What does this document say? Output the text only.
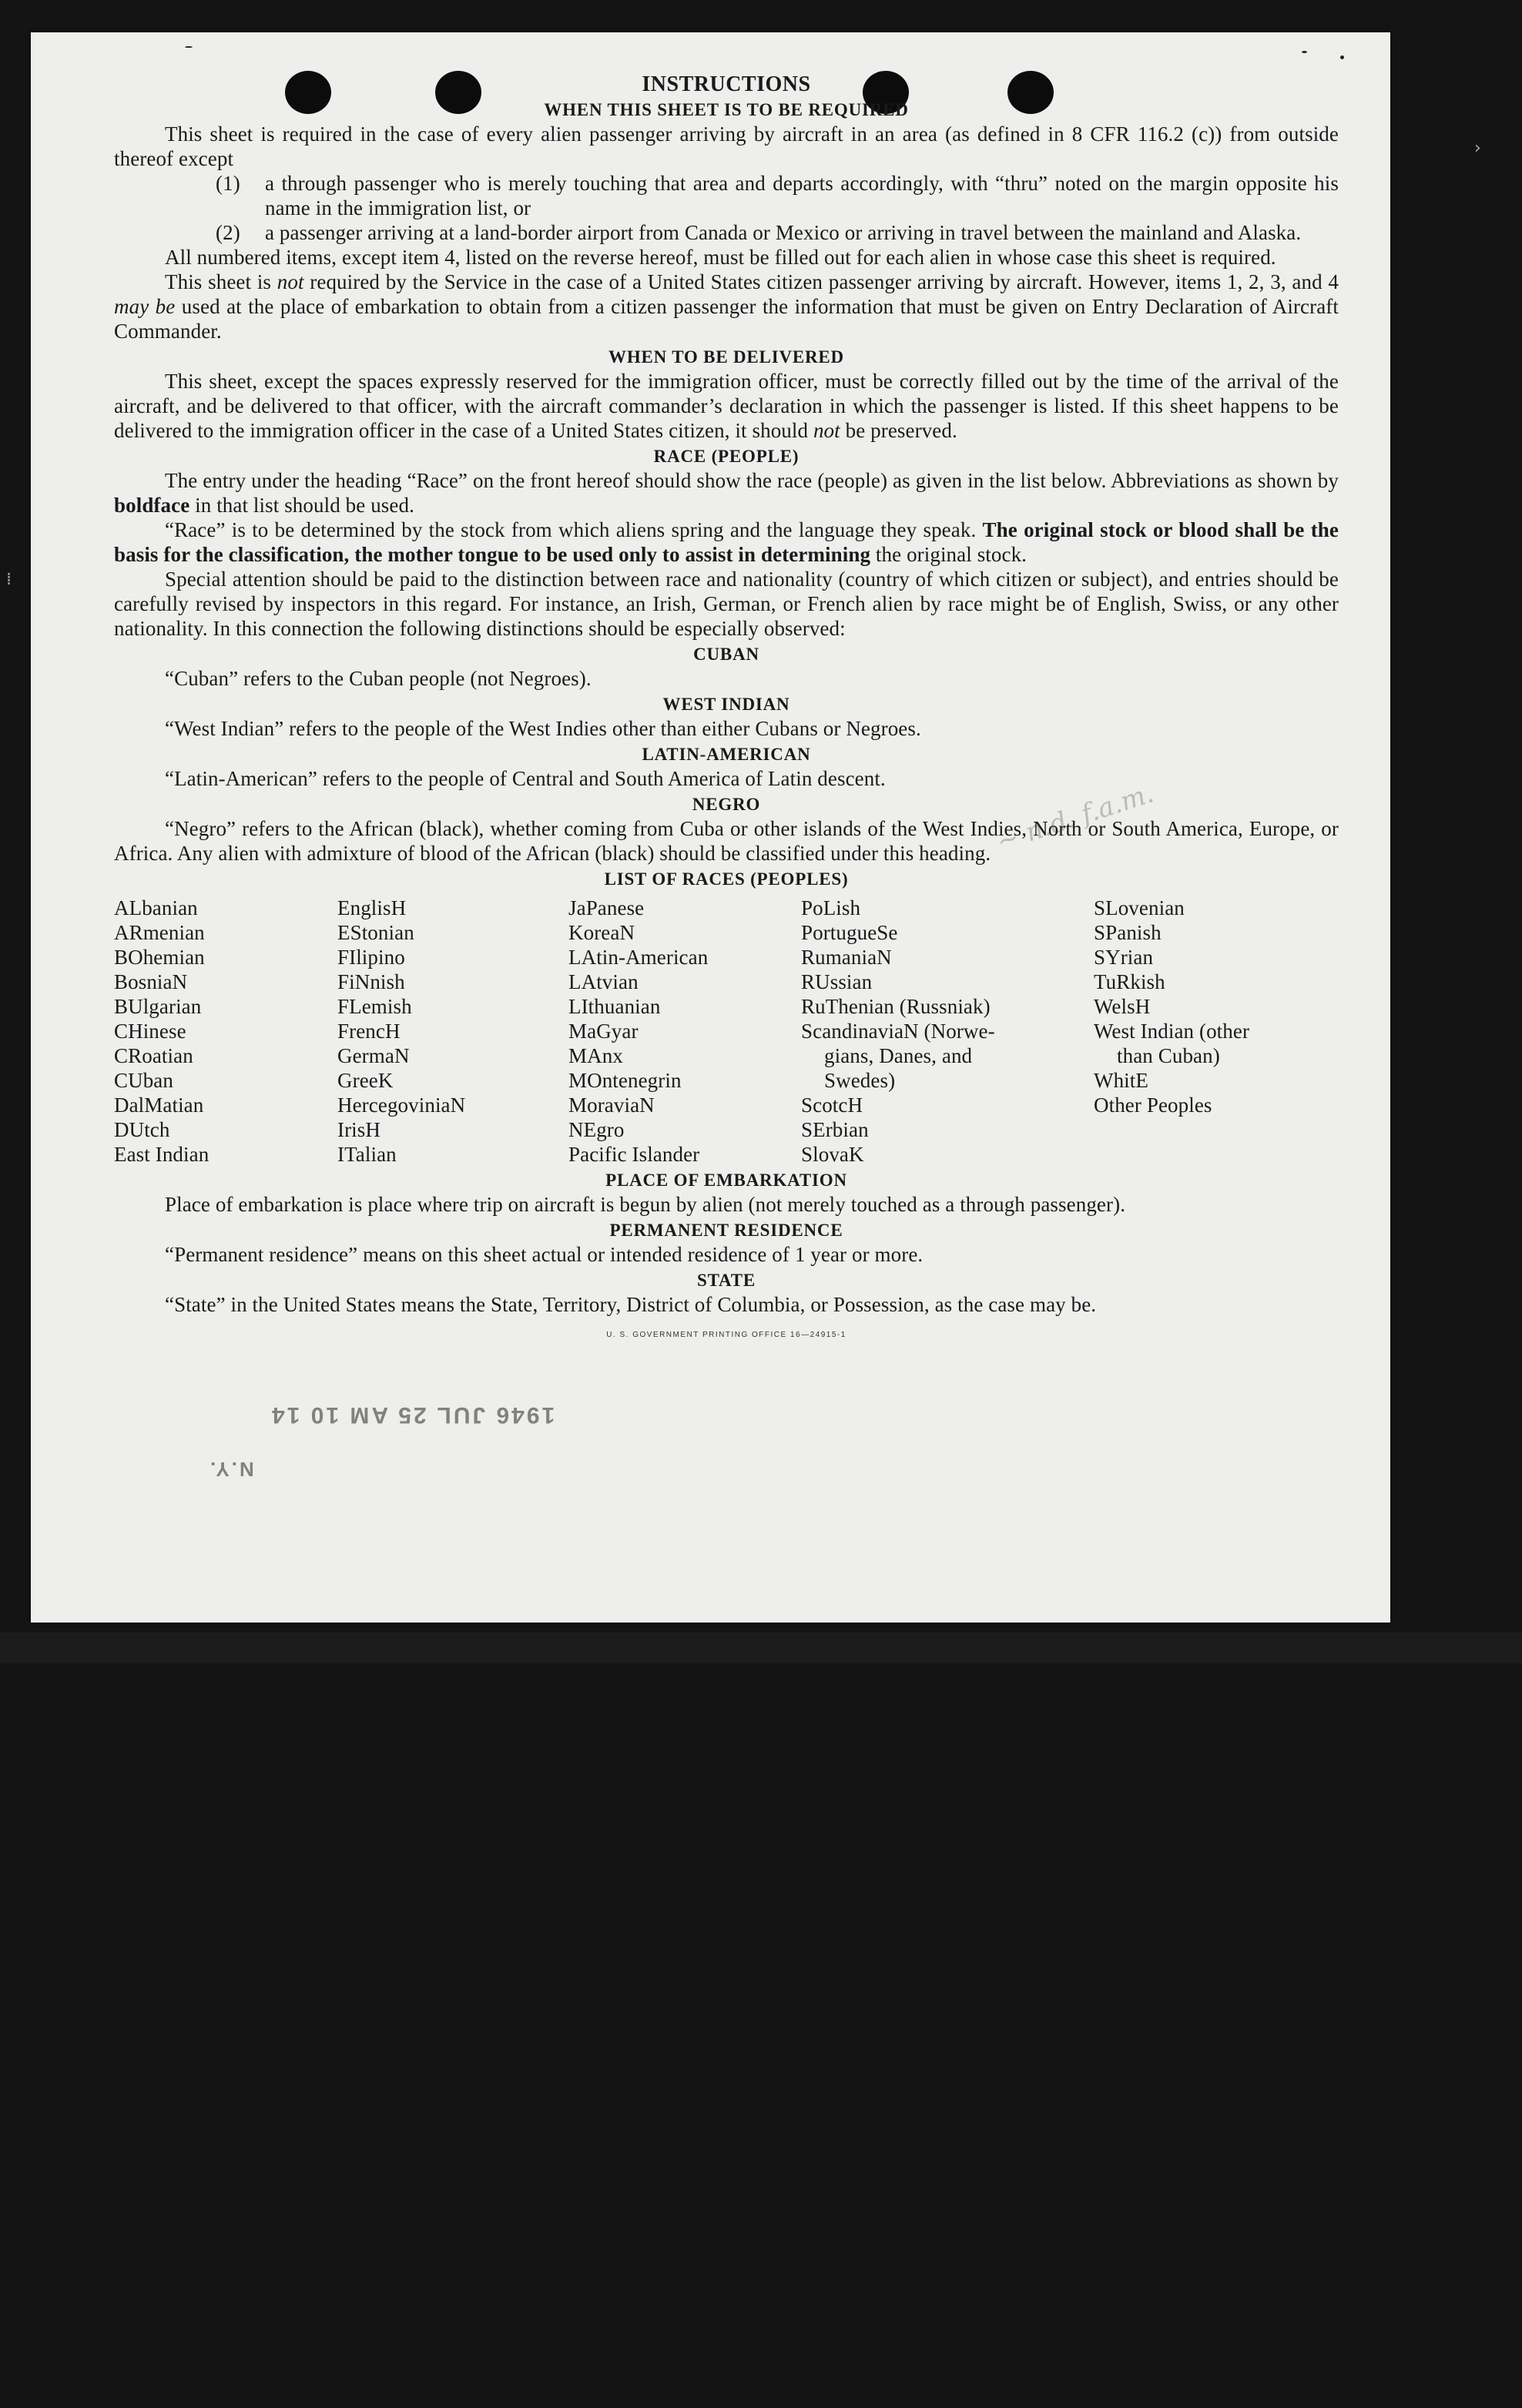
~ n.d. f.a.m.
INSTRUCTIONS
WHEN THIS SHEET IS TO BE REQUIRED

This sheet is required in the case of every alien passenger arriving by aircraft in an area (as defined in 8 CFR 116.2 (c)) from outside thereof except

(1) a through passenger who is merely touching that area and departs accordingly, with “thru” noted on the margin opposite his name in the immigration list, or

(2) a passenger arriving at a land-border airport from Canada or Mexico or arriving in travel between the mainland and Alaska.

All numbered items, except item 4, listed on the reverse hereof, must be filled out for each alien in whose case this sheet is required.

This sheet is not required by the Service in the case of a United States citizen passenger arriving by aircraft. However, items 1, 2, 3, and 4 may be used at the place of embarkation to obtain from a citizen passenger the information that must be given on Entry Declaration of Aircraft Commander.

WHEN TO BE DELIVERED

This sheet, except the spaces expressly reserved for the immigration officer, must be correctly filled out by the time of the arrival of the aircraft, and be delivered to that officer, with the aircraft commander’s declaration in which the passenger is listed. If this sheet happens to be delivered to the immigration officer in the case of a United States citizen, it should not be preserved.

RACE (PEOPLE)

The entry under the heading “Race” on the front hereof should show the race (people) as given in the list below. Abbreviations as shown by boldface in that list should be used.

“Race” is to be determined by the stock from which aliens spring and the language they speak. The original stock or blood shall be the basis for the classification, the mother tongue to be used only to assist in determining the original stock.

Special attention should be paid to the distinction between race and nationality (country of which citizen or subject), and entries should be carefully revised by inspectors in this regard. For instance, an Irish, German, or French alien by race might be of English, Swiss, or any other nationality. In this connection the following distinctions should be especially observed:

CUBAN

“Cuban” refers to the Cuban people (not Negroes).

WEST INDIAN

“West Indian” refers to the people of the West Indies other than either Cubans or Negroes.

LATIN-AMERICAN

“Latin-American” refers to the people of Central and South America of Latin descent.

NEGRO

“Negro” refers to the African (black), whether coming from Cuba or other islands of the West Indies, North or South America, Europe, or Africa. Any alien with admixture of blood of the African (black) should be classified under this heading.

LIST OF RACES (PEOPLES)
ALbanian
ARmenian
BOhemian
BosniaN
BUlgarian
CHinese
CRoatian
CUban
DalMatian
DUtch
East Indian
EnglisH
EStonian
FIlipino
FiNnish
FLemish
FrencH
GermaN
GreeK
HercegoviniaN
IrisH
ITalian
JaPanese
KoreaN
LAtin-American
LAtvian
LIthuanian
MaGyar
MAnx
MOntenegrin
MoraviaN
NEgro
Pacific Islander
PoLish
PortugueSe
RumaniaN
RUssian
RuThenian (Russniak)
ScandinaviaN (Norwe-
gians, Danes, and
Swedes)
ScotcH
SErbian
SlovaK
SLovenian
SPanish
SYrian
TuRkish
WelsH
West Indian (other
than Cuban)
WhitE
Other Peoples
PLACE OF EMBARKATION

Place of embarkation is place where trip on aircraft is begun by alien (not merely touched as a through passenger).

PERMANENT RESIDENCE

“Permanent residence” means on this sheet actual or intended residence of 1 year or more.

STATE

“State” in the United States means the State, Territory, District of Columbia, or Possession, as the case may be.

U. S. GOVERNMENT PRINTING OFFICE 16—24915-1
1946 JUL 25 AM 10 14
N.Y.
⁞
›
